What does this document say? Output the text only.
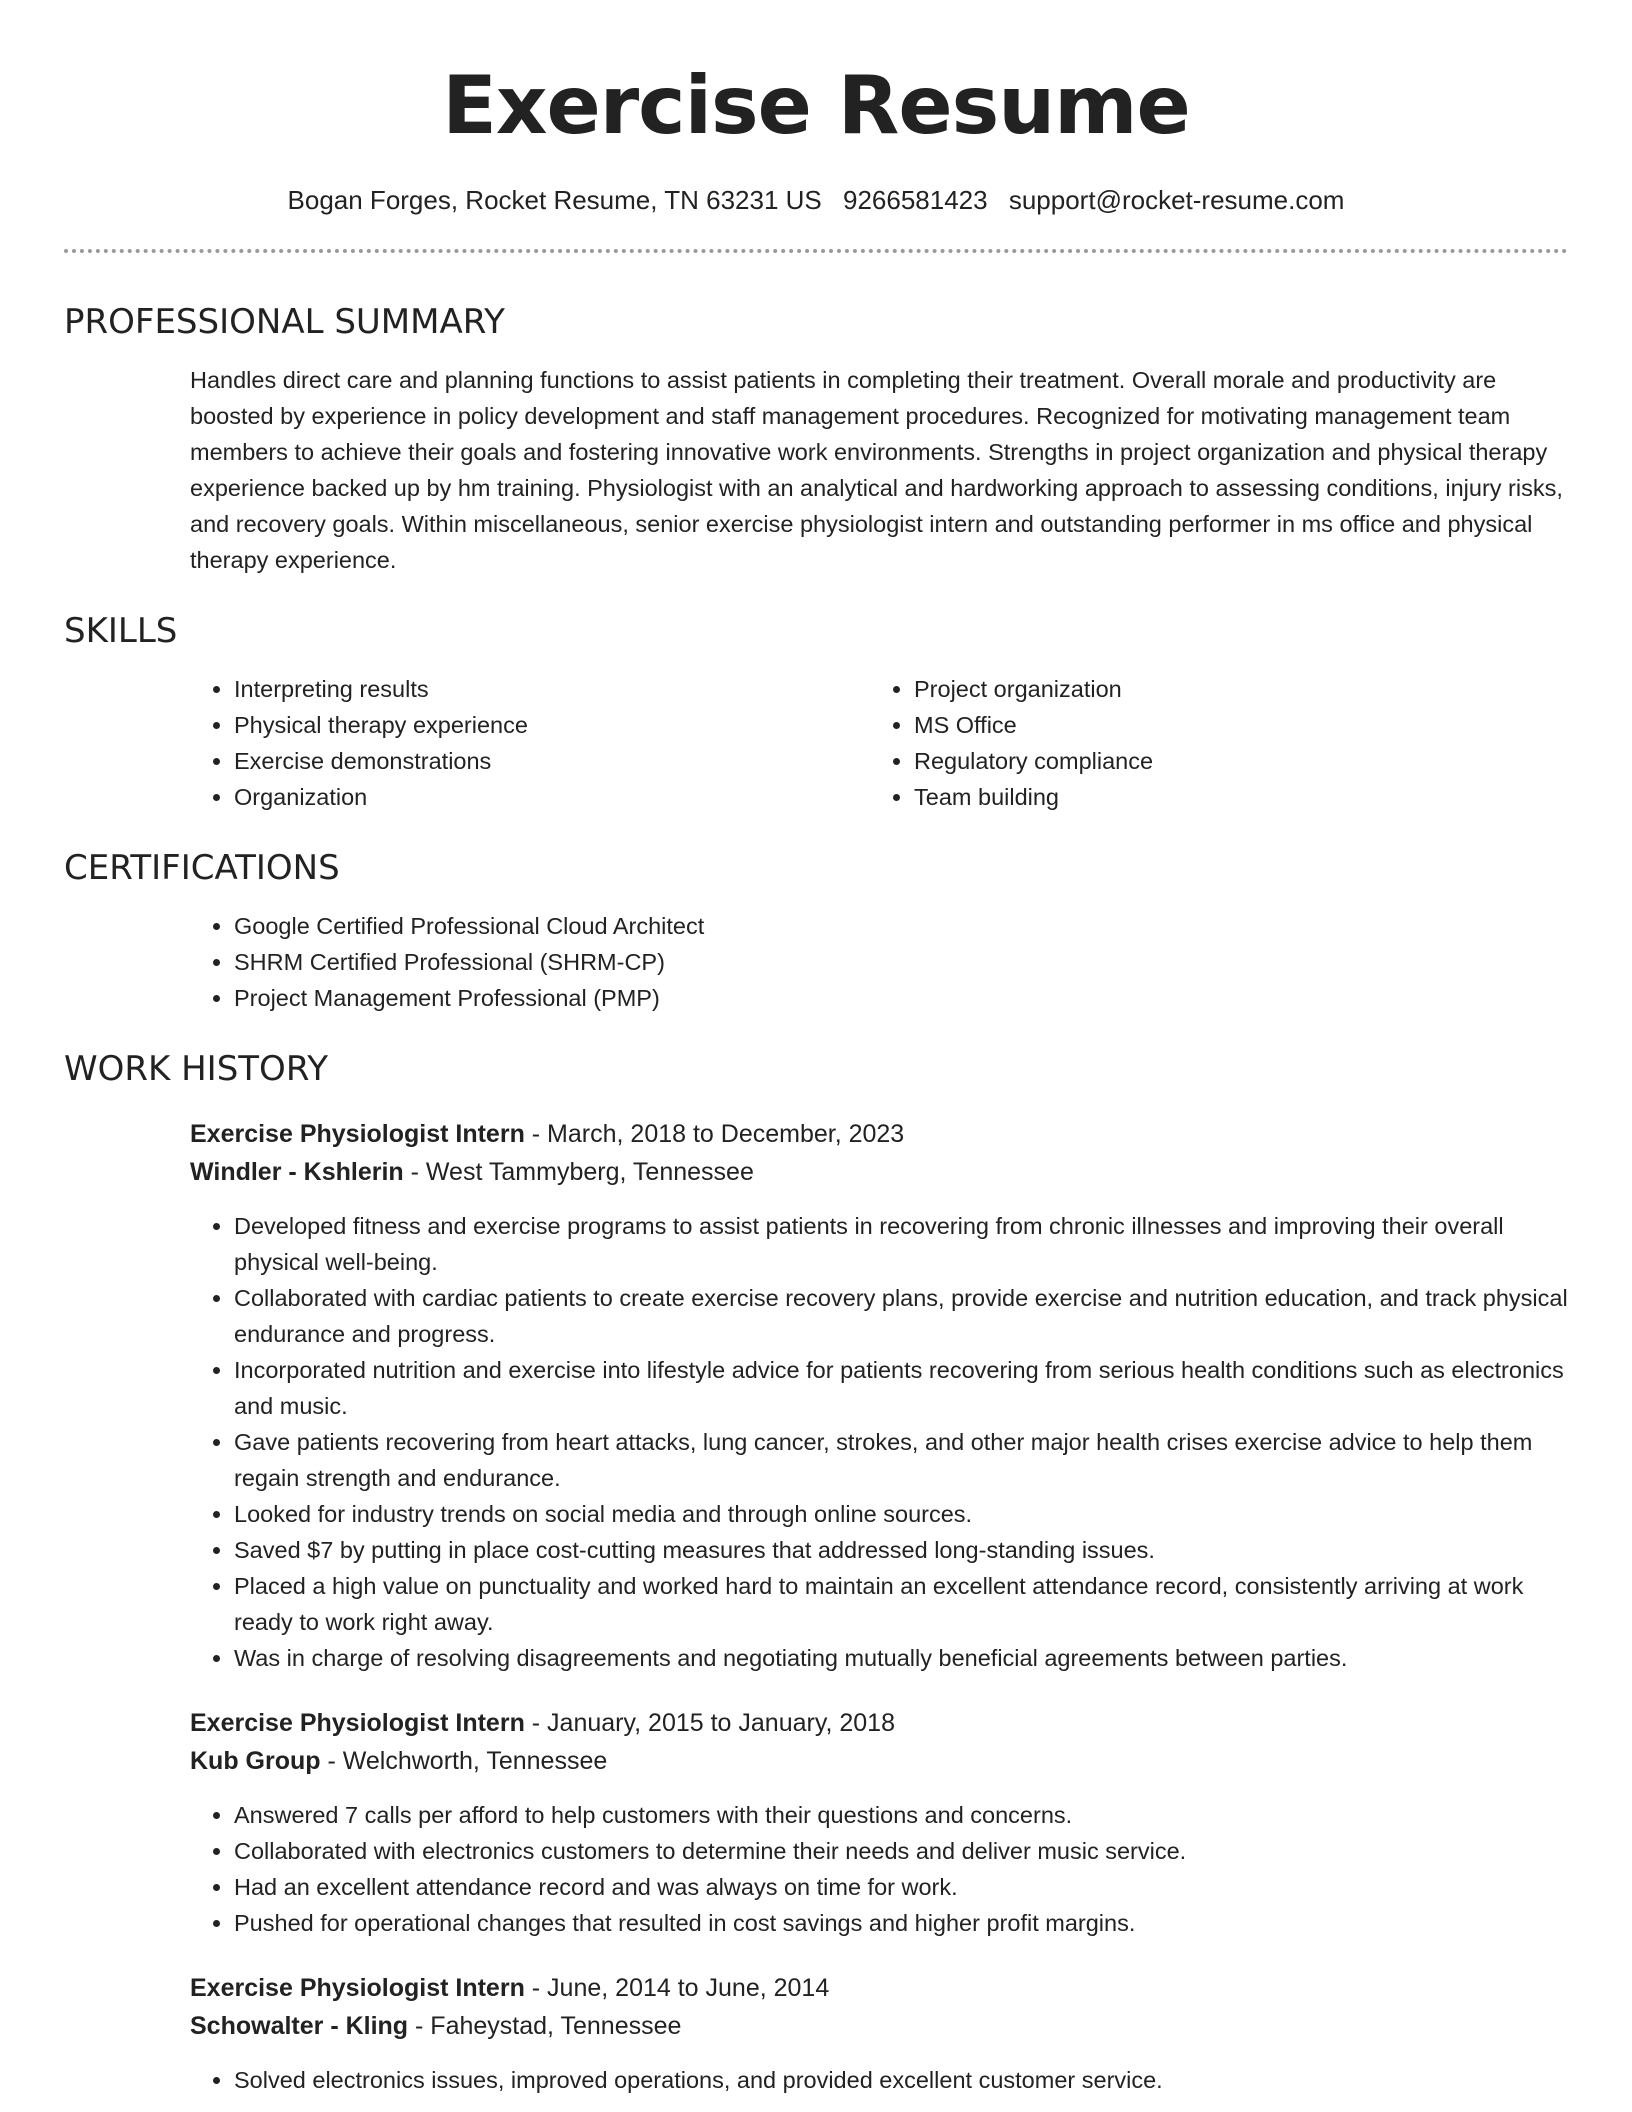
Exercise Resume
Bogan Forges, Rocket Resume, TN 63231 US 9266581423 support@rocket-resume.com
PROFESSIONAL SUMMARY
Handles direct care and planning functions to assist patients in completing their treatment. Overall morale and productivity are boosted by experience in policy development and staff management procedures. Recognized for motivating management team members to achieve their goals and fostering innovative work environments. Strengths in project organization and physical therapy experience backed up by hm training. Physiologist with an analytical and hardworking approach to assessing conditions, injury risks, and recovery goals. Within miscellaneous, senior exercise physiologist intern and outstanding performer in ms office and physical therapy experience.
SKILLS
• Interpreting results
• Physical therapy experience
• Exercise demonstrations
• Organization
• Project organization
• MS Office
• Regulatory compliance
• Team building
CERTIFICATIONS
• Google Certified Professional Cloud Architect
• SHRM Certified Professional (SHRM-CP)
• Project Management Professional (PMP)
WORK HISTORY
Exercise Physiologist Intern - March, 2018 to December, 2023
Windler - Kshlerin - West Tammyberg, Tennessee
• Developed fitness and exercise programs to assist patients in recovering from chronic illnesses and improving their overall physical well-being.
• Collaborated with cardiac patients to create exercise recovery plans, provide exercise and nutrition education, and track physical endurance and progress.
• Incorporated nutrition and exercise into lifestyle advice for patients recovering from serious health conditions such as electronics and music.
• Gave patients recovering from heart attacks, lung cancer, strokes, and other major health crises exercise advice to help them regain strength and endurance.
• Looked for industry trends on social media and through online sources.
• Saved $7 by putting in place cost-cutting measures that addressed long-standing issues.
• Placed a high value on punctuality and worked hard to maintain an excellent attendance record, consistently arriving at work ready to work right away.
• Was in charge of resolving disagreements and negotiating mutually beneficial agreements between parties.
Exercise Physiologist Intern - January, 2015 to January, 2018
Kub Group - Welchworth, Tennessee
• Answered 7 calls per afford to help customers with their questions and concerns.
• Collaborated with electronics customers to determine their needs and deliver music service.
• Had an excellent attendance record and was always on time for work.
• Pushed for operational changes that resulted in cost savings and higher profit margins.
Exercise Physiologist Intern - June, 2014 to June, 2014
Schowalter - Kling - Faheystad, Tennessee
• Solved electronics issues, improved operations, and provided excellent customer service.
